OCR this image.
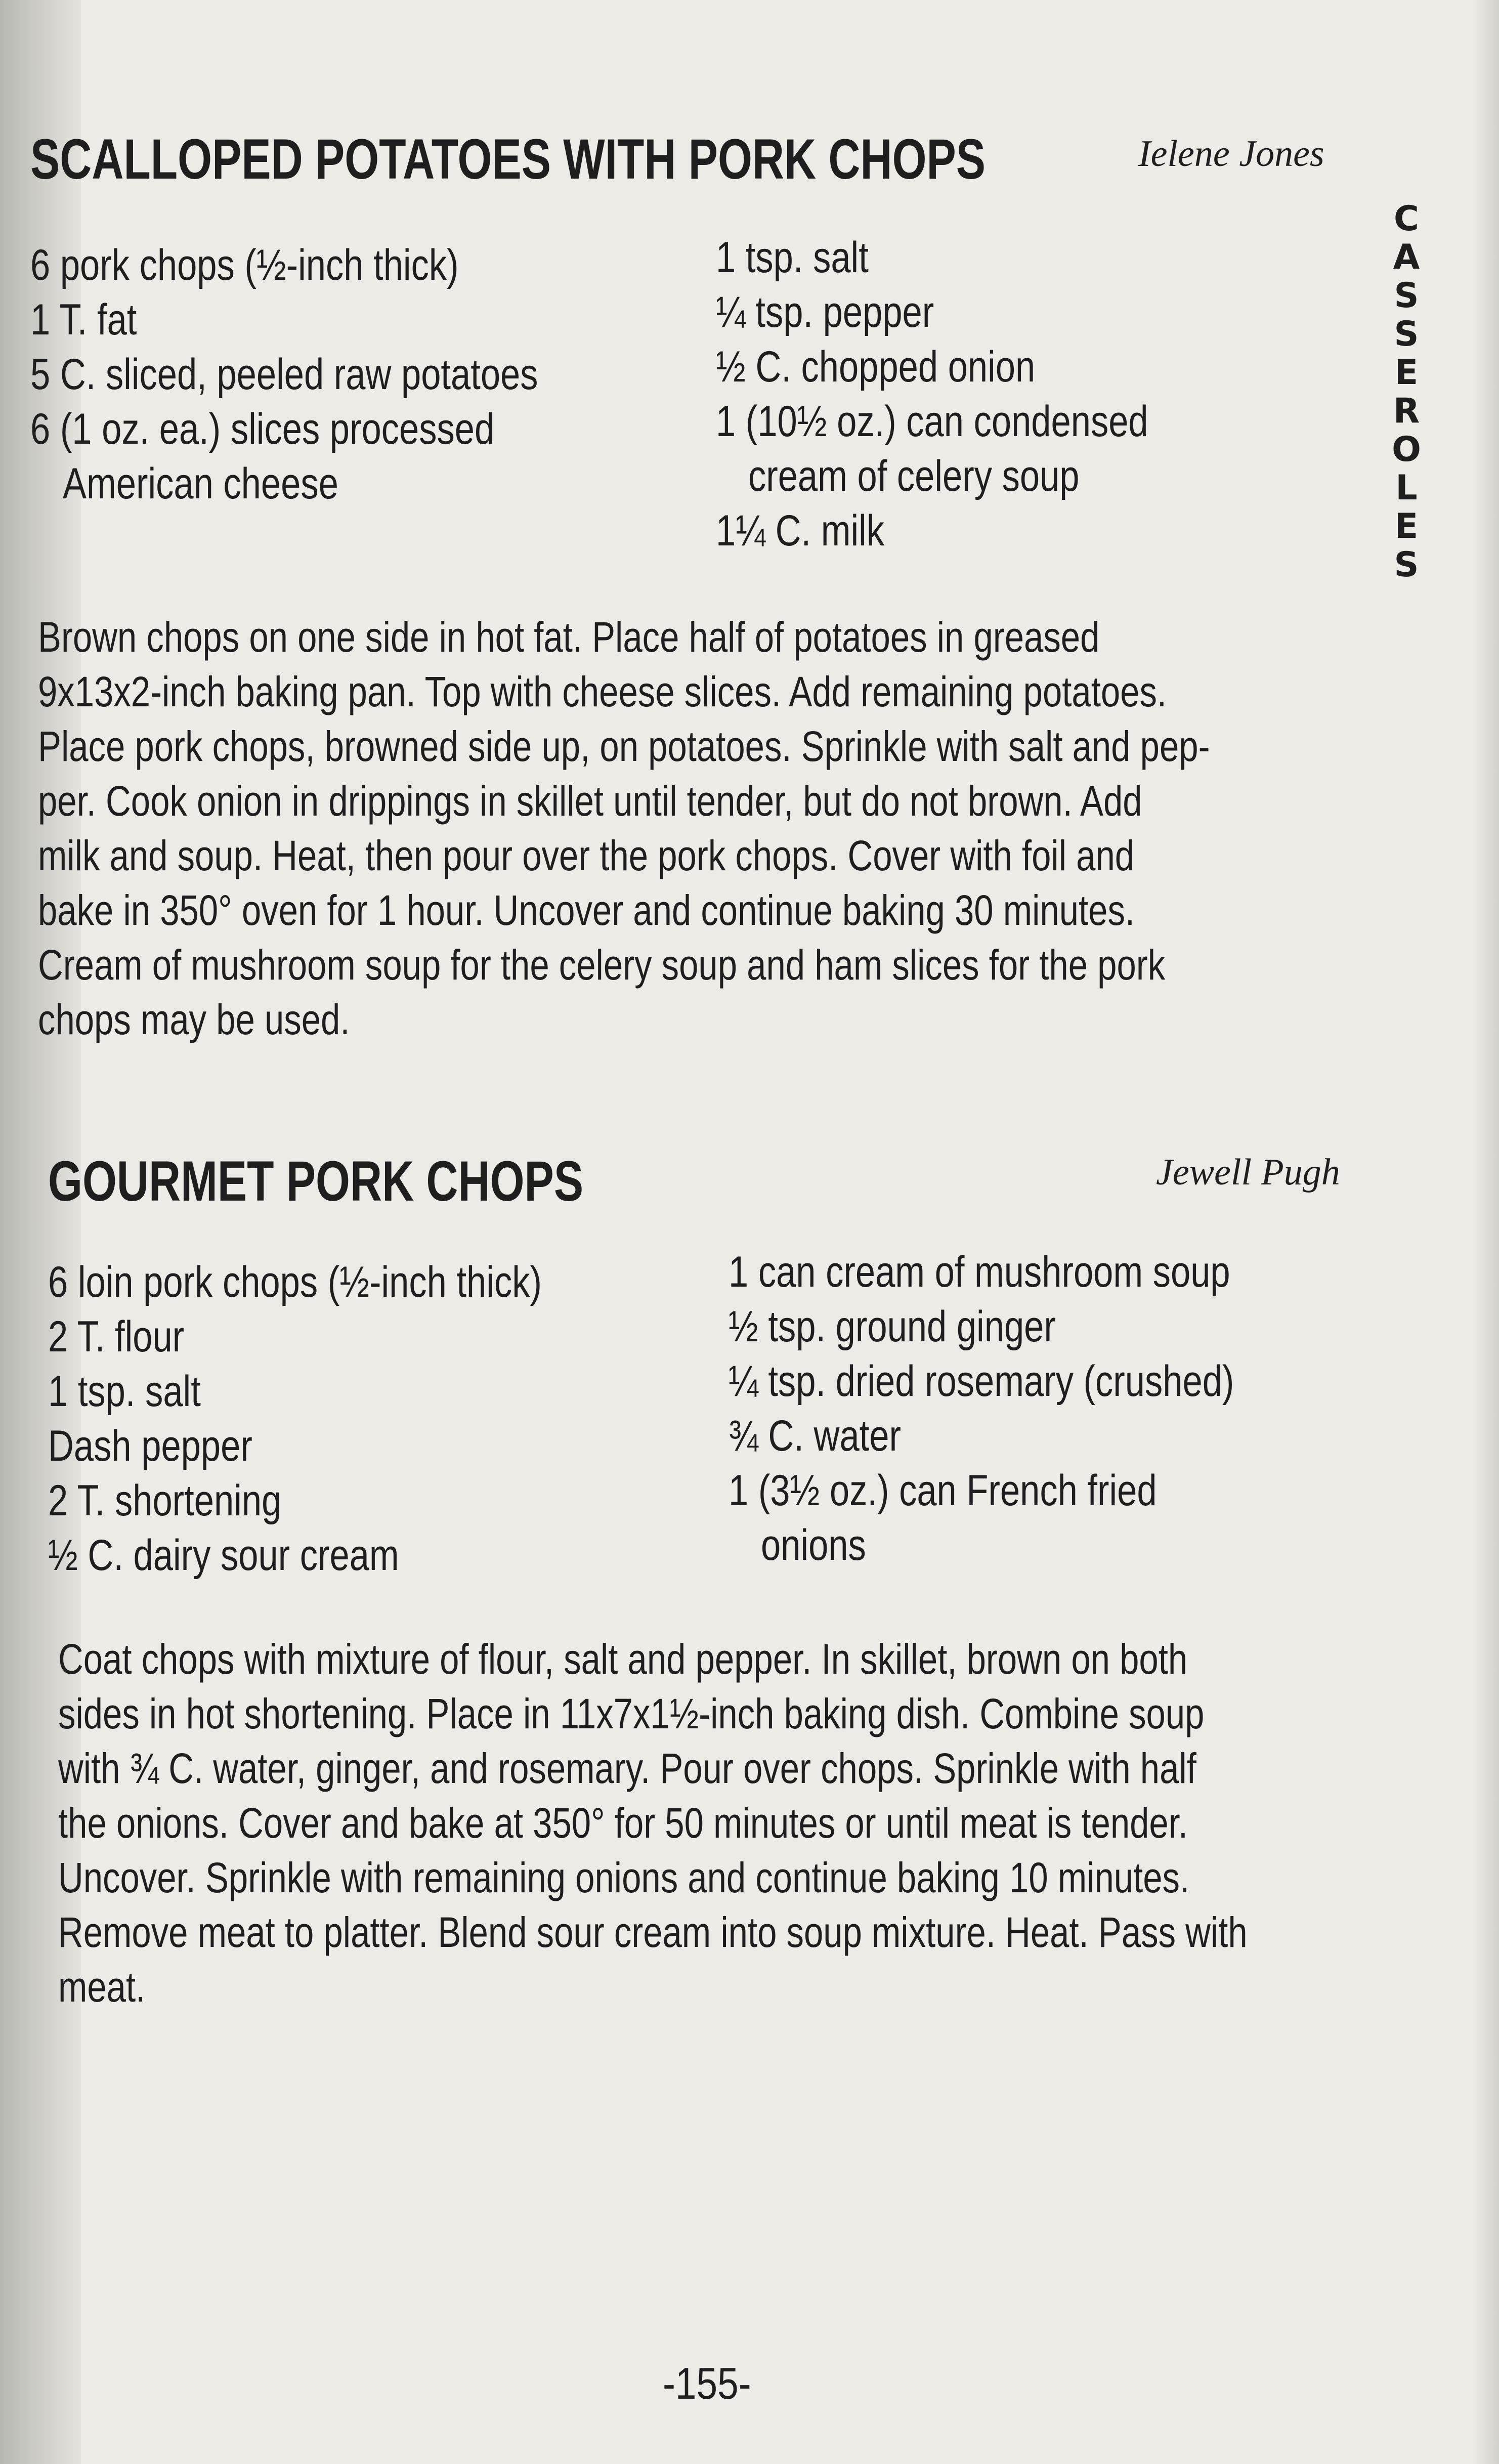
C
A
S
S
E
R
O
L
E
S
SCALLOPED POTATOES WITH PORK CHOPS	Ielene Jones
6 pork chops (½-inch thick)
1 T. fat
5 C. sliced, peeled raw potatoes
6 (1 oz. ea.) slices processed
American cheese
1 tsp. salt
¼ tsp. pepper
½ C. chopped onion
1 (10½ oz.) can condensed
cream of celery soup
1¼ C. milk
Brown chops on one side in hot fat. Place half of potatoes in greased
9x13x2-inch baking pan. Top with cheese slices. Add remaining potatoes.
Place pork chops, browned side up, on potatoes. Sprinkle with salt and pep-
per. Cook onion in drippings in skillet until tender, but do not brown. Add
milk and soup. Heat, then pour over the pork chops. Cover with foil and
bake in 350° oven for 1 hour. Uncover and continue baking 30 minutes.
Cream of mushroom soup for the celery soup and ham slices for the pork
chops may be used.
GOURMET PORK CHOPS	Jewell Pugh
6 loin pork chops (½-inch thick)
2 T. flour
1 tsp. salt
Dash pepper
2 T. shortening
½ C. dairy sour cream
1 can cream of mushroom soup
½ tsp. ground ginger
¼ tsp. dried rosemary (crushed)
¾ C. water
1 (3½ oz.) can French fried
onions
Coat chops with mixture of flour, salt and pepper. In skillet, brown on both
sides in hot shortening. Place in 11x7x1½-inch baking dish. Combine soup
with ¾ C. water, ginger, and rosemary. Pour over chops. Sprinkle with half
the onions. Cover and bake at 350° for 50 minutes or until meat is tender.
Uncover. Sprinkle with remaining onions and continue baking 10 minutes.
Remove meat to platter. Blend sour cream into soup mixture. Heat. Pass with
meat.
-155-
